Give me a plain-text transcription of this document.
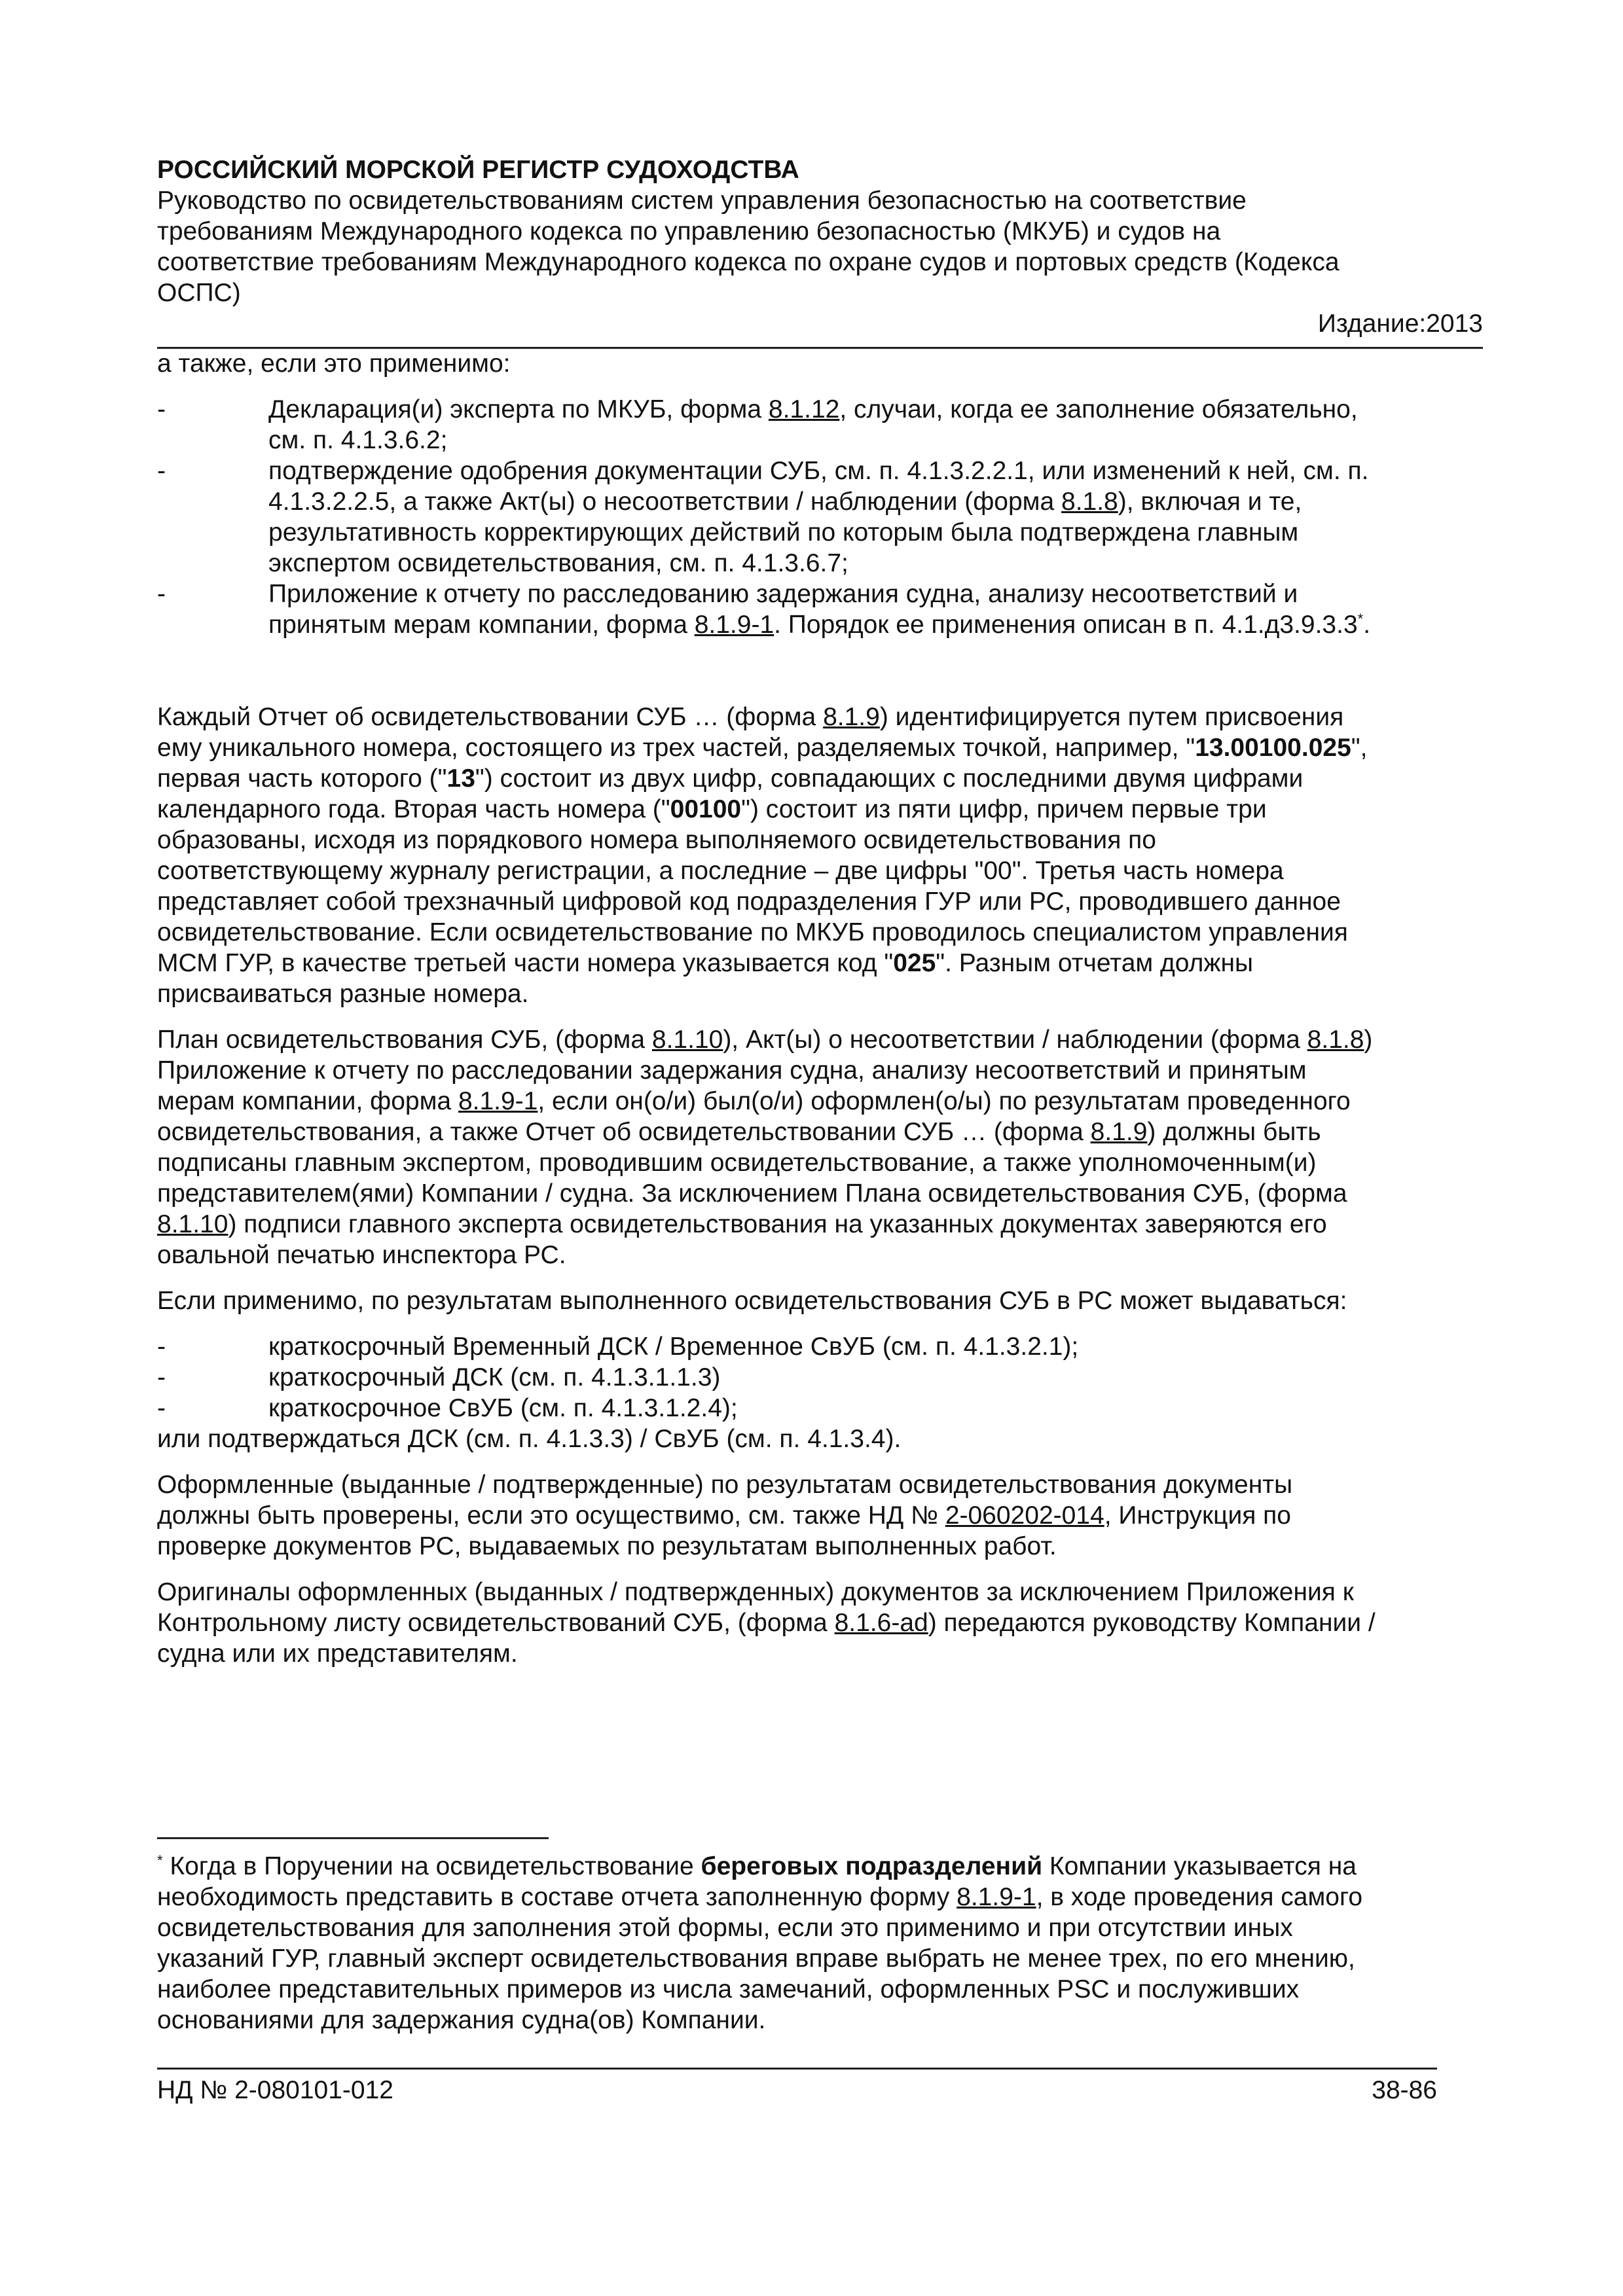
РОССИЙСКИЙ МОРСКОЙ РЕГИСТР СУДОХОДСТВА
Руководство по освидетельствованиям систем управления безопасностью на соответствие
требованиям Международного кодекса по управлению безопасностью (МКУБ) и судов на
соответствие требованиям Международного кодекса по охране судов и портовых средств (Кодекса
ОСПС)
Издание:2013

а также, если это применимо:

-	Декларация(и) эксперта по МКУБ, форма 8.1.12, случаи, когда ее заполнение обязательно,
см. п. 4.1.3.6.2;
-	подтверждение одобрения документации СУБ, см. п. 4.1.3.2.2.1, или изменений к ней, см. п.
4.1.3.2.2.5, а также Акт(ы) о несоответствии / наблюдении (форма 8.1.8), включая и те,
результативность корректирующих действий по которым была подтверждена главным
экспертом освидетельствования, см. п. 4.1.3.6.7;
-	Приложение к отчету по расследованию задержания судна, анализу несоответствий и
принятым мерам компании, форма 8.1.9-1. Порядок ее применения описан в п. 4.1.д3.9.3.3*.
Каждый Отчет об освидетельствовании СУБ … (форма 8.1.9) идентифицируется путем присвоения
ему уникального номера, состоящего из трех частей, разделяемых точкой, например, "13.00100.025",
первая часть которого ("13") состоит из двух цифр, совпадающих с последними двумя цифрами
календарного года. Вторая часть номера ("00100") состоит из пяти цифр, причем первые три
образованы, исходя из порядкового номера выполняемого освидетельствования по
соответствующему журналу регистрации, а последние – две цифры "00". Третья часть номера
представляет собой трехзначный цифровой код подразделения ГУР или РС, проводившего данное
освидетельствование. Если освидетельствование по МКУБ проводилось специалистом управления
МСМ ГУР, в качестве третьей части номера указывается код "025". Разным отчетам должны
присваиваться разные номера.
План освидетельствования СУБ, (форма 8.1.10), Акт(ы) о несоответствии / наблюдении (форма 8.1.8)
Приложение к отчету по расследовании задержания судна, анализу несоответствий и принятым
мерам компании, форма 8.1.9-1, если он(о/и) был(о/и) оформлен(о/ы) по результатам проведенного
освидетельствования, а также Отчет об освидетельствовании СУБ … (форма 8.1.9) должны быть
подписаны главным экспертом, проводившим освидетельствование, а также уполномоченным(и)
представителем(ями) Компании / судна. За исключением Плана освидетельствования СУБ, (форма
8.1.10) подписи главного эксперта освидетельствования на указанных документах заверяются его
овальной печатью инспектора РС.

Если применимо, по результатам выполненного освидетельствования СУБ в РС может выдаваться:

-	краткосрочный Временный ДСК / Временное СвУБ (см. п. 4.1.3.2.1);
-	краткосрочный ДСК (см. п. 4.1.3.1.1.3)
-	краткосрочное СвУБ (см. п. 4.1.3.1.2.4);
или подтверждаться ДСК (см. п. 4.1.3.3) / СвУБ (см. п. 4.1.3.4).
Оформленные (выданные / подтвержденные) по результатам освидетельствования документы
должны быть проверены, если это осуществимо, см. также НД № 2-060202-014, Инструкция по
проверке документов РС, выдаваемых по результатам выполненных работ.
Оригиналы оформленных (выданных / подтвержденных) документов за исключением Приложения к
Контрольному листу освидетельствований СУБ, (форма 8.1.6-ad) передаются руководству Компании /
судна или их представителям.
* Когда в Поручении на освидетельствование береговых подразделений Компании указывается на
необходимость представить в составе отчета заполненную форму 8.1.9-1, в ходе проведения самого
освидетельствования для заполнения этой формы, если это применимо и при отсутствии иных
указаний ГУР, главный эксперт освидетельствования вправе выбрать не менее трех, по его мнению,
наиболее представительных примеров из числа замечаний, оформленных PSC и послуживших
основаниями для задержания судна(ов) Компании.
НД № 2-080101-012	38-86
